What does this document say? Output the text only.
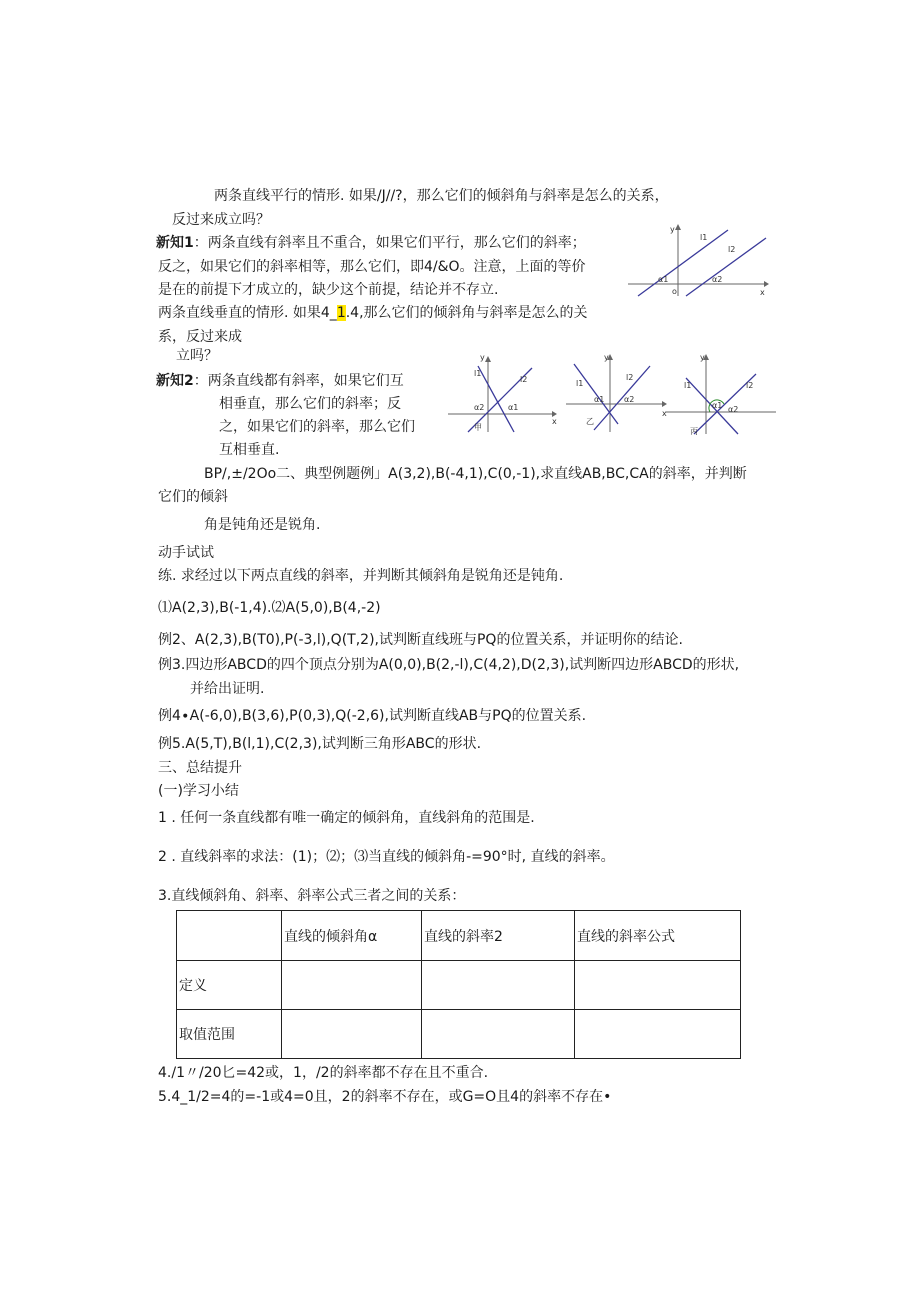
两条直线平行的情形. 如果/J//?，那么它们的倾斜角与斜率是怎么的关系，
反过来成立吗？
新知1：两条直线有斜率且不重合，如果它们平行，那么它们的斜率；
反之，如果它们的斜率相等，那么它们，即4/&O。注意，上面的等价
是在的前提下才成立的，缺少这个前提，结论并不存立.
y
l1
l2
α1	α2
o	x
两条直线垂直的情形. 如果4_1.4,那么它们的倾斜角与斜率是怎么的关
系，反过来成
立吗？
新知2：两条直线都有斜率，如果它们互
相垂直，那么它们的斜率；反
之，如果它们的斜率，那么它们
互相垂直.
y
l1
l2
α2	α1
x
甲
y
l1
l2
α1 α2
x
乙
y
l1	l2
α1 α2
丙
BP/,±/2Oo二、典型例题例」A(3,2),B(-4,1),C(0,-1),求直线AB,BC,CA的斜率，并判断
它们的倾斜
角是钝角还是锐角.
动手试试
练. 求经过以下两点直线的斜率，并判断其倾斜角是锐角还是钝角.
⑴A(2,3),B(-1,4).⑵A(5,0),B(4,-2)
例2、A(2,3),B(T0),P(-3,l),Q(T,2),试判断直线班与PQ的位置关系，并证明你的结论.
例3.四边形ABCD的四个顶点分别为A(0,0),B(2,-l),C(4,2),D(2,3),试判断四边形ABCD的形状,
并给出证明.
例4∙A(-6,0),B(3,6),P(0,3),Q(-2,6),试判断直线AB与PQ的位置关系.
例5.A(5,T),B(l,1),C(2,3),试判断三角形ABC的形状.
三、总结提升
(一)学习小结
1 . 任何一条直线都有唯一确定的倾斜角，直线斜角的范围是.
2 . 直线斜率的求法：(1)；⑵；⑶当直线的倾斜角-=90°时, 直线的斜率。
3.直线倾斜角、斜率、斜率公式三者之间的关系：
	直线的倾斜角α	直线的斜率2	直线的斜率公式
定义			
取值范围			
4./1〃/20匕=42或，1，/2的斜率都不存在且不重合.
5.4_1/2=4的=-1或4=0且，2的斜率不存在，或G=O且4的斜率不存在•
